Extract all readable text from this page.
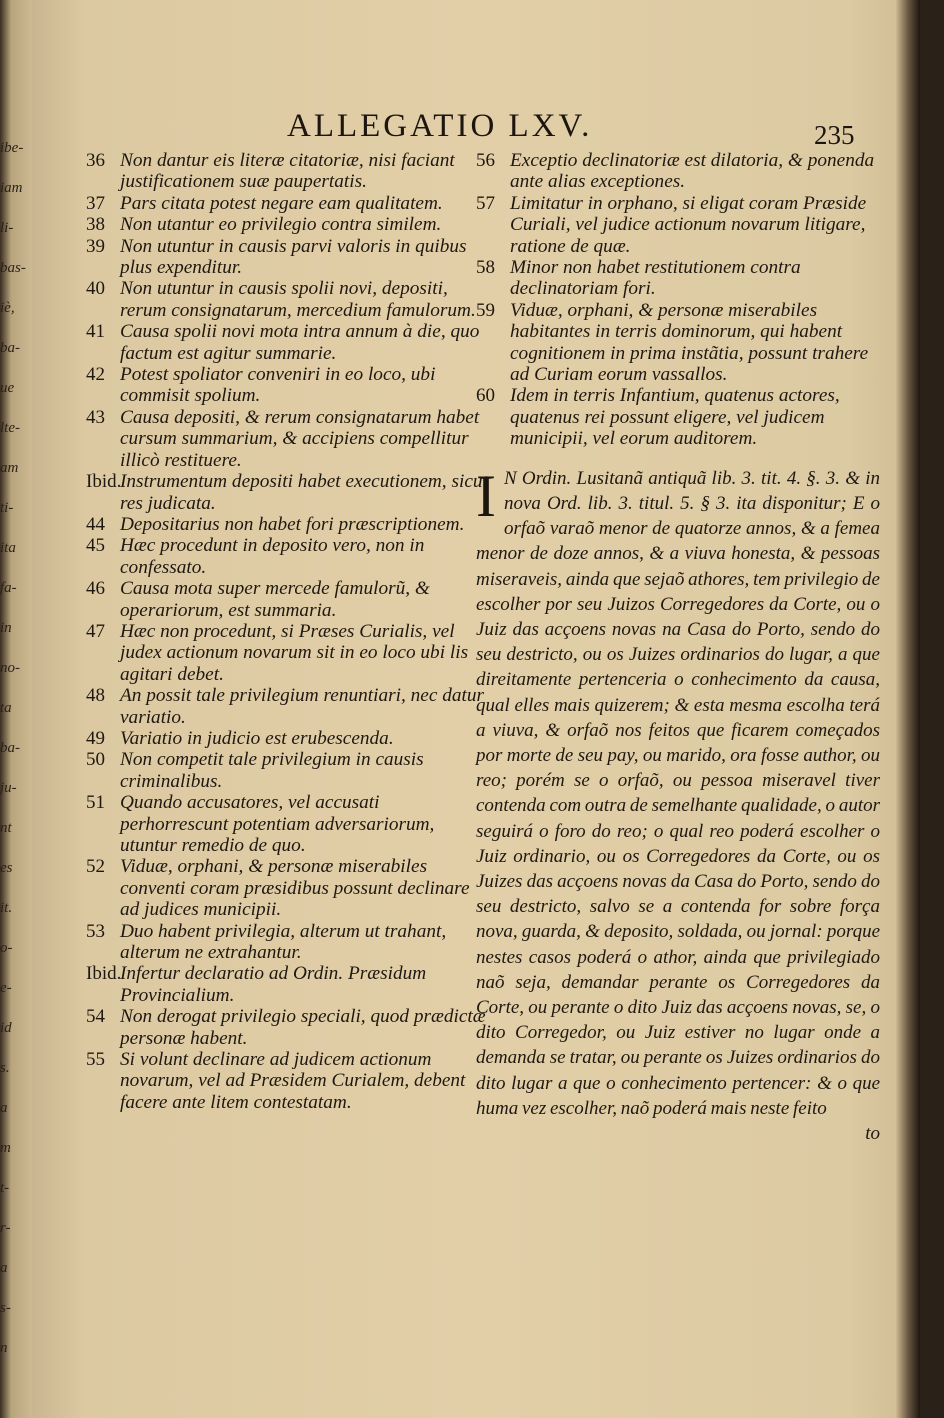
ibe-
iam
li-
bas-
iè,
ba-
ue
lte-
am
ti-
ita
fa-
in
no-
ta
ba-
ju-
nt
es
it.
o-
e-
id
s.
a
m
t-
r-
a
s-
n
ALLEGATIO LXV.	235
36 Non dantur eis literæ citatoriæ, nisi faciant justificationem suæ paupertatis.
37 Pars citata potest negare eam qualitatem.
38 Non utantur eo privilegio contra similem.
39 Non utuntur in causis parvi valoris in quibus plus expenditur.
40 Non utuntur in causis spolii novi, depositi, rerum consignatarum, mercedium famulorum.
41 Causa spolii novi mota intra annum à die, quo factum est agitur summarie.
42 Potest spoliator conveniri in eo loco, ubi commisit spolium.
43 Causa depositi, & rerum consignatarum habet cursum summarium, & accipiens compellitur illicò restituere.
Ibid.
Instrumentum depositi habet executionem, sicut res judicata.
44 Depositarius non habet fori præscriptionem.
45 Hæc procedunt in deposito vero, non in confessato.
46 Causa mota super mercede famulorũ, & operariorum, est summaria.
47 Hæc non procedunt, si Præses Curialis, vel judex actionum novarum sit in eo loco ubi lis agitari debet.
48 An possit tale privilegium renuntiari, nec datur variatio.
49 Variatio in judicio est erubescenda.
50 Non competit tale privilegium in causis criminalibus.
51 Quando accusatores, vel accusati perhorrescunt potentiam adversariorum, utuntur remedio de quo.
52 Viduæ, orphani, & personæ miserabiles conventi coram præsidibus possunt declinare ad judices municipii.
53 Duo habent privilegia, alterum ut trahant, alterum ne extrahantur.
Ibid.
Infertur declaratio ad Ordin. Præsidum Provincialium.
54 Non derogat privilegio speciali, quod prædictæ personæ habent.
55 Si volunt declinare ad judicem actionum novarum, vel ad Præsidem Curialem, debent facere ante litem contestatam.
56 Exceptio declinatoriæ est dilatoria, & ponenda ante alias exceptiones.
57 Limitatur in orphano, si eligat coram Præside Curiali, vel judice actionum novarum litigare, ratione de quæ.
58 Minor non habet restitutionem contra declinatoriam fori.
59 Viduæ, orphani, & personæ miserabiles habitantes in terris dominorum, qui habent cognitionem in prima instãtia, possunt trahere ad Curiam eorum vassallos.
60 Idem in terris Infantium, quatenus actores, quatenus rei possunt eligere, vel judicem municipii, vel eorum auditorem.
I N Ordin. Lusitanã antiquã lib. 3. tit. 4. §. 3. & in nova Ord. lib. 3. titul. 5. § 3. ita disponitur; E o orfaõ varaõ menor de quatorze annos, & a femea menor de doze annos, & a viuva honesta, & pessoas miseraveis, ainda que sejaõ athores, tem privilegio de escolher por seu Juizos Corregedores da Corte, ou o Juiz das acçoens novas na Casa do Porto, sendo do seu destricto, ou os Juizes ordinarios do lugar, a que direitamente pertenceria o conhecimento da causa, qual elles mais quizerem; & esta mesma escolha terá a viuva, & orfaõ nos feitos que ficarem começados por morte de seu pay, ou marido, ora fosse author, ou reo; porém se o orfaõ, ou pessoa miseravel tiver contenda com outra de semelhante qualidade, o autor seguirá o foro do reo; o qual reo poderá escolher o Juiz ordinario, ou os Corregedores da Corte, ou os Juizes das acçoens novas da Casa do Porto, sendo do seu destricto, salvo se a contenda for sobre força nova, guarda, & deposito, soldada, ou jornal: porque nestes casos poderá o athor, ainda que privilegiado naõ seja, demandar perante os Corregedores da Corte, ou perante o dito Juiz das acçoens novas, se, o dito Corregedor, ou Juiz estiver no lugar onde a demanda se tratar, ou perante os Juizes ordinarios do dito lugar a que o conhecimento pertencer: & o que huma vez escolher, naõ poderá mais neste feito
to
